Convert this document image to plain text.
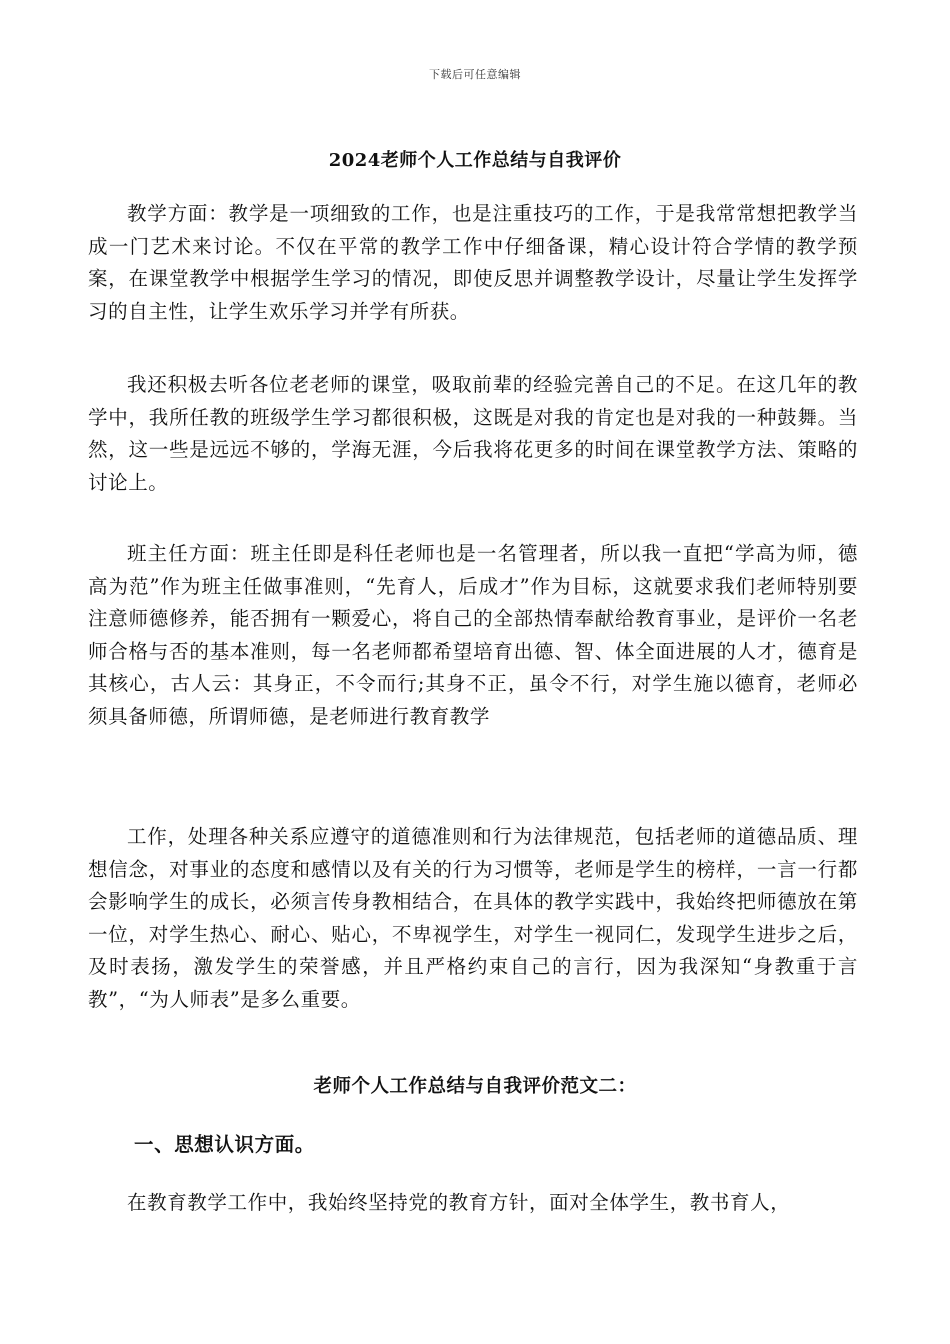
下载后可任意编辑
2024老师个人工作总结与自我评价

教学方面：教学是一项细致的工作，也是注重技巧的工作，于是我常常想把教学当成一门艺术来讨论。不仅在平常的教学工作中仔细备课，精心设计符合学情的教学预案，在课堂教学中根据学生学习的情况，即使反思并调整教学设计，尽量让学生发挥学习的自主性，让学生欢乐学习并学有所获。

我还积极去听各位老老师的课堂，吸取前辈的经验完善自己的不足。在这几年的教学中，我所任教的班级学生学习都很积极，这既是对我的肯定也是对我的一种鼓舞。当然，这一些是远远不够的，学海无涯，今后我将花更多的时间在课堂教学方法、策略的讨论上。

班主任方面：班主任即是科任老师也是一名管理者，所以我一直把“学高为师，德高为范”作为班主任做事准则，“先育人，后成才”作为目标，这就要求我们老师特别要注意师德修养，能否拥有一颗爱心，将自己的全部热情奉献给教育事业，是评价一名老师合格与否的基本准则，每一名老师都希望培育出德、智、体全面进展的人才，德育是其核心，古人云：其身正，不令而行;其身不正，虽令不行，对学生施以德育，老师必须具备师德，所谓师德，是老师进行教育教学

工作，处理各种关系应遵守的道德准则和行为法律规范，包括老师的道德品质、理想信念，对事业的态度和感情以及有关的行为习惯等，老师是学生的榜样，一言一行都会影响学生的成长，必须言传身教相结合，在具体的教学实践中，我始终把师德放在第一位，对学生热心、耐心、贴心，不卑视学生，对学生一视同仁，发现学生进步之后，及时表扬，激发学生的荣誉感，并且严格约束自己的言行，因为我深知“身教重于言教”，“为人师表”是多么重要。

老师个人工作总结与自我评价范文二：
一、思想认识方面。

在教育教学工作中，我始终坚持党的教育方针，面对全体学生，教书育人，
